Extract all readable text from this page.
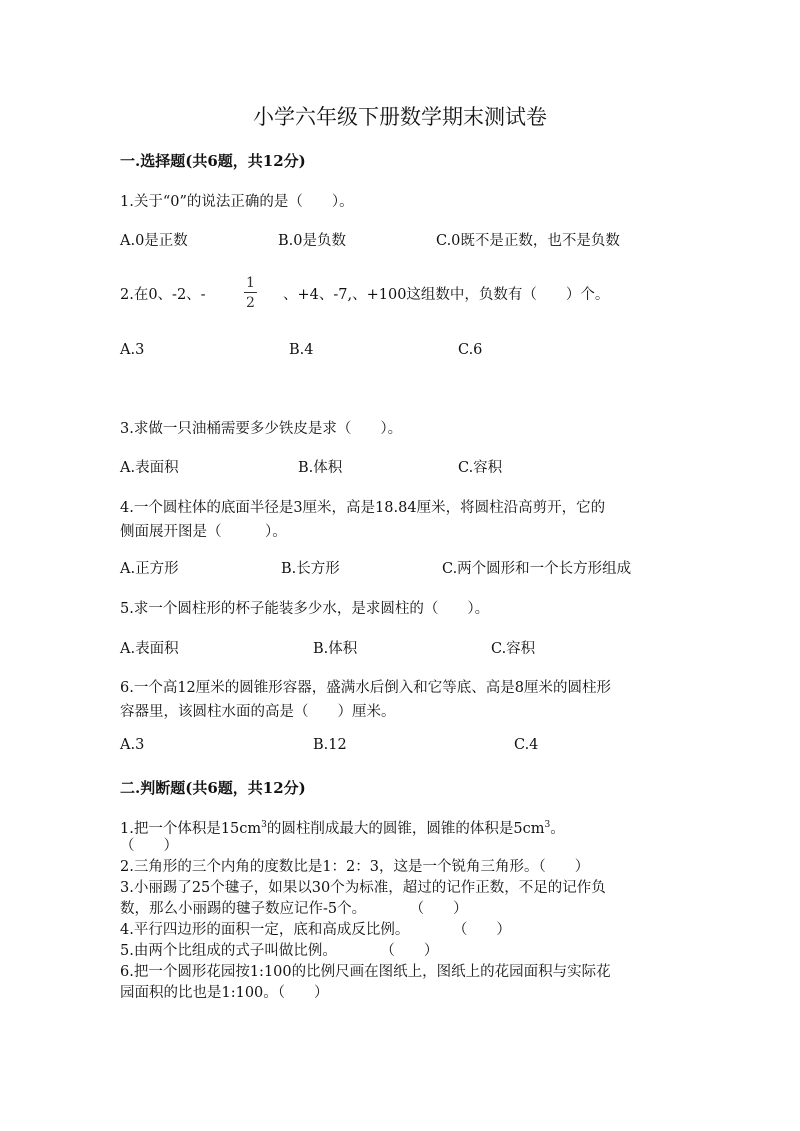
小学六年级下册数学期末测试卷
一.选择题(共6题，共12分)
1.关于“0”的说法正确的是（　　）。
A.0是正数	B.0是负数	C.0既不是正数，也不是负数
2.在0、-2、-	$\frac{1}{2}$ 、+4、-7,、+100这组数中，负数有（　　）个。
A.3	B.4	C.6
3.求做一只油桶需要多少铁皮是求（　　）。
A.表面积	B.体积	C.容积
4.一个圆柱体的底面半径是3厘米，高是18.84厘米，将圆柱沿高剪开，它的
侧面展开图是（　　　）。
A.正方形	B.长方形	C.两个圆形和一个长方形组成
5.求一个圆柱形的杯子能装多少水，是求圆柱的（　　）。
A.表面积	B.体积	C.容积
6.一个高12厘米的圆锥形容器，盛满水后倒入和它等底、高是8厘米的圆柱形
容器里，该圆柱水面的高是（　　）厘米。
A.3	B.12	C.4
二.判断题(共6题，共12分)
1.把一个体积是$15cm^3$的圆柱削成最大的圆锥，圆锥的体积是$5cm^3$。
（　　）
2.三角形的三个内角的度数比是1：2：3，这是一个锐角三角形。（　　）
3.小丽踢了25个毽子，如果以30个为标准，超过的记作正数，不足的记作负
数，那么小丽踢的毽子数应记作-5个。　　　　（　　）
4.平行四边形的面积一定，底和高成反比例。　　　　（　　）
5.由两个比组成的式子叫做比例。　　　　（　　）
6.把一个圆形花园按1:100的比例尺画在图纸上，图纸上的花园面积与实际花
园面积的比也是1:100。（　　）
